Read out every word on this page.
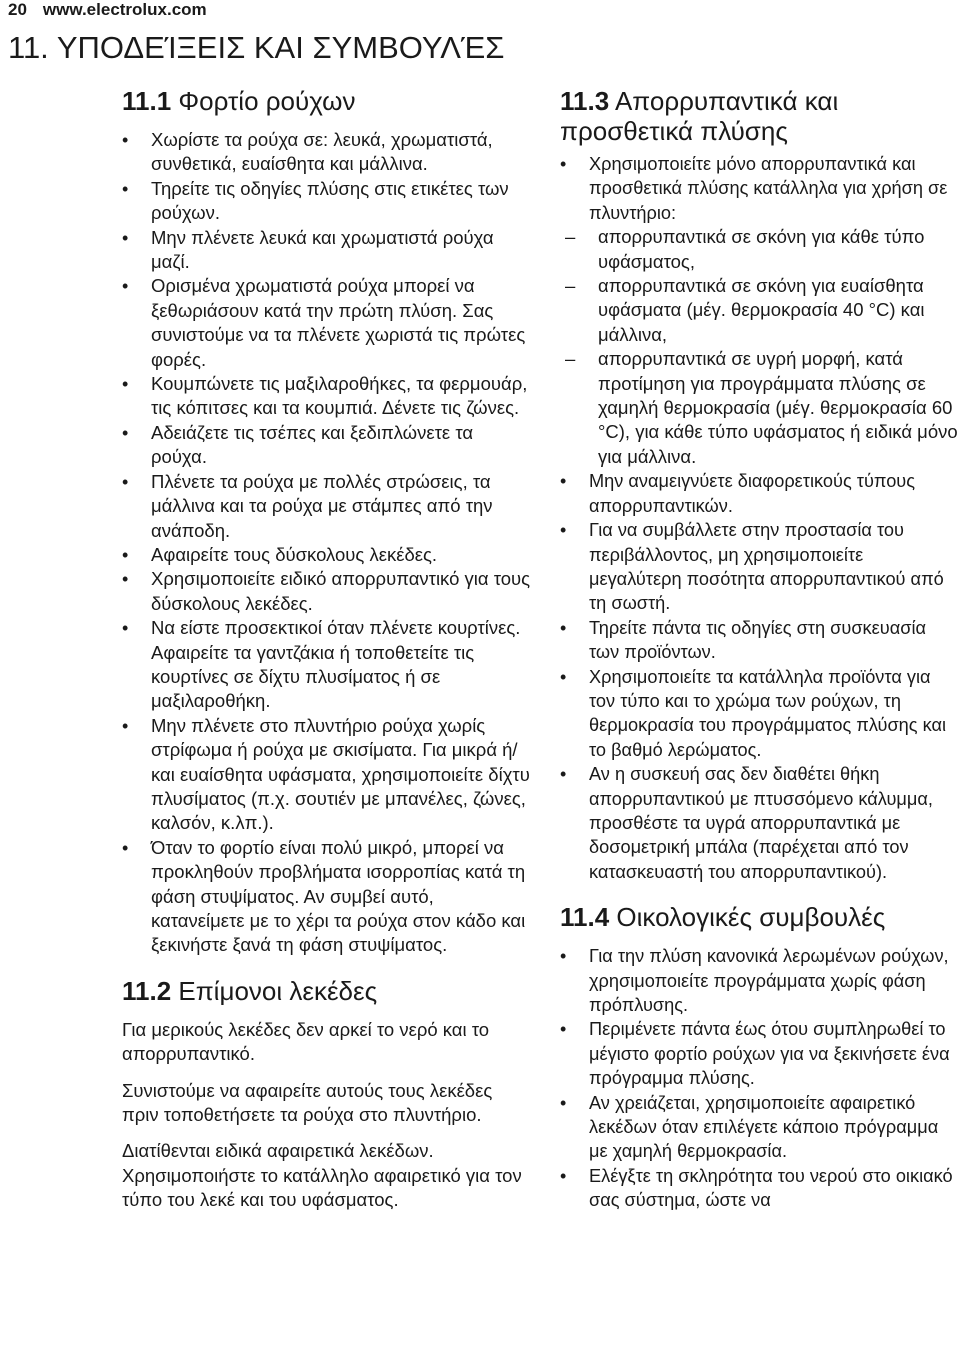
20 www.electrolux.com
11. ΥΠΟΔΕΊΞΕΙΣ ΚΑΙ ΣΥΜΒΟΥΛΈΣ
11.1 Φορτίο ρούχων
• Χωρίστε τα ρούχα σε: λευκά, χρωματιστά, συνθετικά, ευαίσθητα και μάλλινα.
• Τηρείτε τις οδηγίες πλύσης στις ετικέτες των ρούχων.
• Μην πλένετε λευκά και χρωματιστά ρούχα μαζί.
• Ορισμένα χρωματιστά ρούχα μπορεί να ξεθωριάσουν κατά την πρώτη πλύση. Σας συνιστούμε να τα πλένετε χωριστά τις πρώτες φορές.
• Κουμπώνετε τις μαξιλαροθήκες, τα φερμουάρ, τις κόπιτσες και τα κουμπιά. Δένετε τις ζώνες.
• Αδειάζετε τις τσέπες και ξεδιπλώνετε τα ρούχα.
• Πλένετε τα ρούχα με πολλές στρώσεις, τα μάλλινα και τα ρούχα με στάμπες από την ανάποδη.
• Αφαιρείτε τους δύσκολους λεκέδες.
• Χρησιμοποιείτε ειδικό απορρυπαντικό για τους δύσκολους λεκέδες.
• Να είστε προσεκτικοί όταν πλένετε κουρτίνες. Αφαιρείτε τα γαντζάκια ή τοποθετείτε τις κουρτίνες σε δίχτυ πλυσίματος ή σε μαξιλαροθήκη.
• Μην πλένετε στο πλυντήριο ρούχα χωρίς στρίφωμα ή ρούχα με σκισίματα. Για μικρά ή/και ευαίσθητα υφάσματα, χρησιμοποιείτε δίχτυ πλυσίματος (π.χ. σουτιέν με μπανέλες, ζώνες, καλσόν, κ.λπ.).
• Όταν το φορτίο είναι πολύ μικρό, μπορεί να προκληθούν προβλήματα ισορροπίας κατά τη φάση στυψίματος. Αν συμβεί αυτό, κατανείμετε με το χέρι τα ρούχα στον κάδο και ξεκινήστε ξανά τη φάση στυψίματος.
11.2 Επίμονοι λεκέδες

Για μερικούς λεκέδες δεν αρκεί το νερό και το απορρυπαντικό.

Συνιστούμε να αφαιρείτε αυτούς τους λεκέδες πριν τοποθετήσετε τα ρούχα στο πλυντήριο.

Διατίθενται ειδικά αφαιρετικά λεκέδων. Χρησιμοποιήστε το κατάλληλο αφαιρετικό για τον τύπο του λεκέ και του υφάσματος.

11.3 Απορρυπαντικά και προσθετικά πλύσης
• Χρησιμοποιείτε μόνο απορρυπαντικά και προσθετικά πλύσης κατάλληλα για χρήση σε πλυντήριο:
– απορρυπαντικά σε σκόνη για κάθε τύπο υφάσματος,
– απορρυπαντικά σε σκόνη για ευαίσθητα υφάσματα (μέγ. θερμοκρασία 40 °C) και μάλλινα,
– απορρυπαντικά σε υγρή μορφή, κατά προτίμηση για προγράμματα πλύσης σε χαμηλή θερμοκρασία (μέγ. θερμοκρασία 60 °C), για κάθε τύπο υφάσματος ή ειδικά μόνο για μάλλινα.
• Μην αναμειγνύετε διαφορετικούς τύπους απορρυπαντικών.
• Για να συμβάλλετε στην προστασία του περιβάλλοντος, μη χρησιμοποιείτε μεγαλύτερη ποσότητα απορρυπαντικού από τη σωστή.
• Τηρείτε πάντα τις οδηγίες στη συσκευασία των προϊόντων.
• Χρησιμοποιείτε τα κατάλληλα προϊόντα για τον τύπο και το χρώμα των ρούχων, τη θερμοκρασία του προγράμματος πλύσης και το βαθμό λερώματος.
• Αν η συσκευή σας δεν διαθέτει θήκη απορρυπαντικού με πτυσσόμενο κάλυμμα, προσθέστε τα υγρά απορρυπαντικά με δοσομετρική μπάλα (παρέχεται από τον κατασκευαστή του απορρυπαντικού).
11.4 Οικολογικές συμβουλές
• Για την πλύση κανονικά λερωμένων ρούχων, χρησιμοποιείτε προγράμματα χωρίς φάση πρόπλυσης.
• Περιμένετε πάντα έως ότου συμπληρωθεί το μέγιστο φορτίο ρούχων για να ξεκινήσετε ένα πρόγραμμα πλύσης.
• Αν χρειάζεται, χρησιμοποιείτε αφαιρετικό λεκέδων όταν επιλέγετε κάποιο πρόγραμμα με χαμηλή θερμοκρασία.
• Ελέγξτε τη σκληρότητα του νερού στο οικιακό σας σύστημα, ώστε να
